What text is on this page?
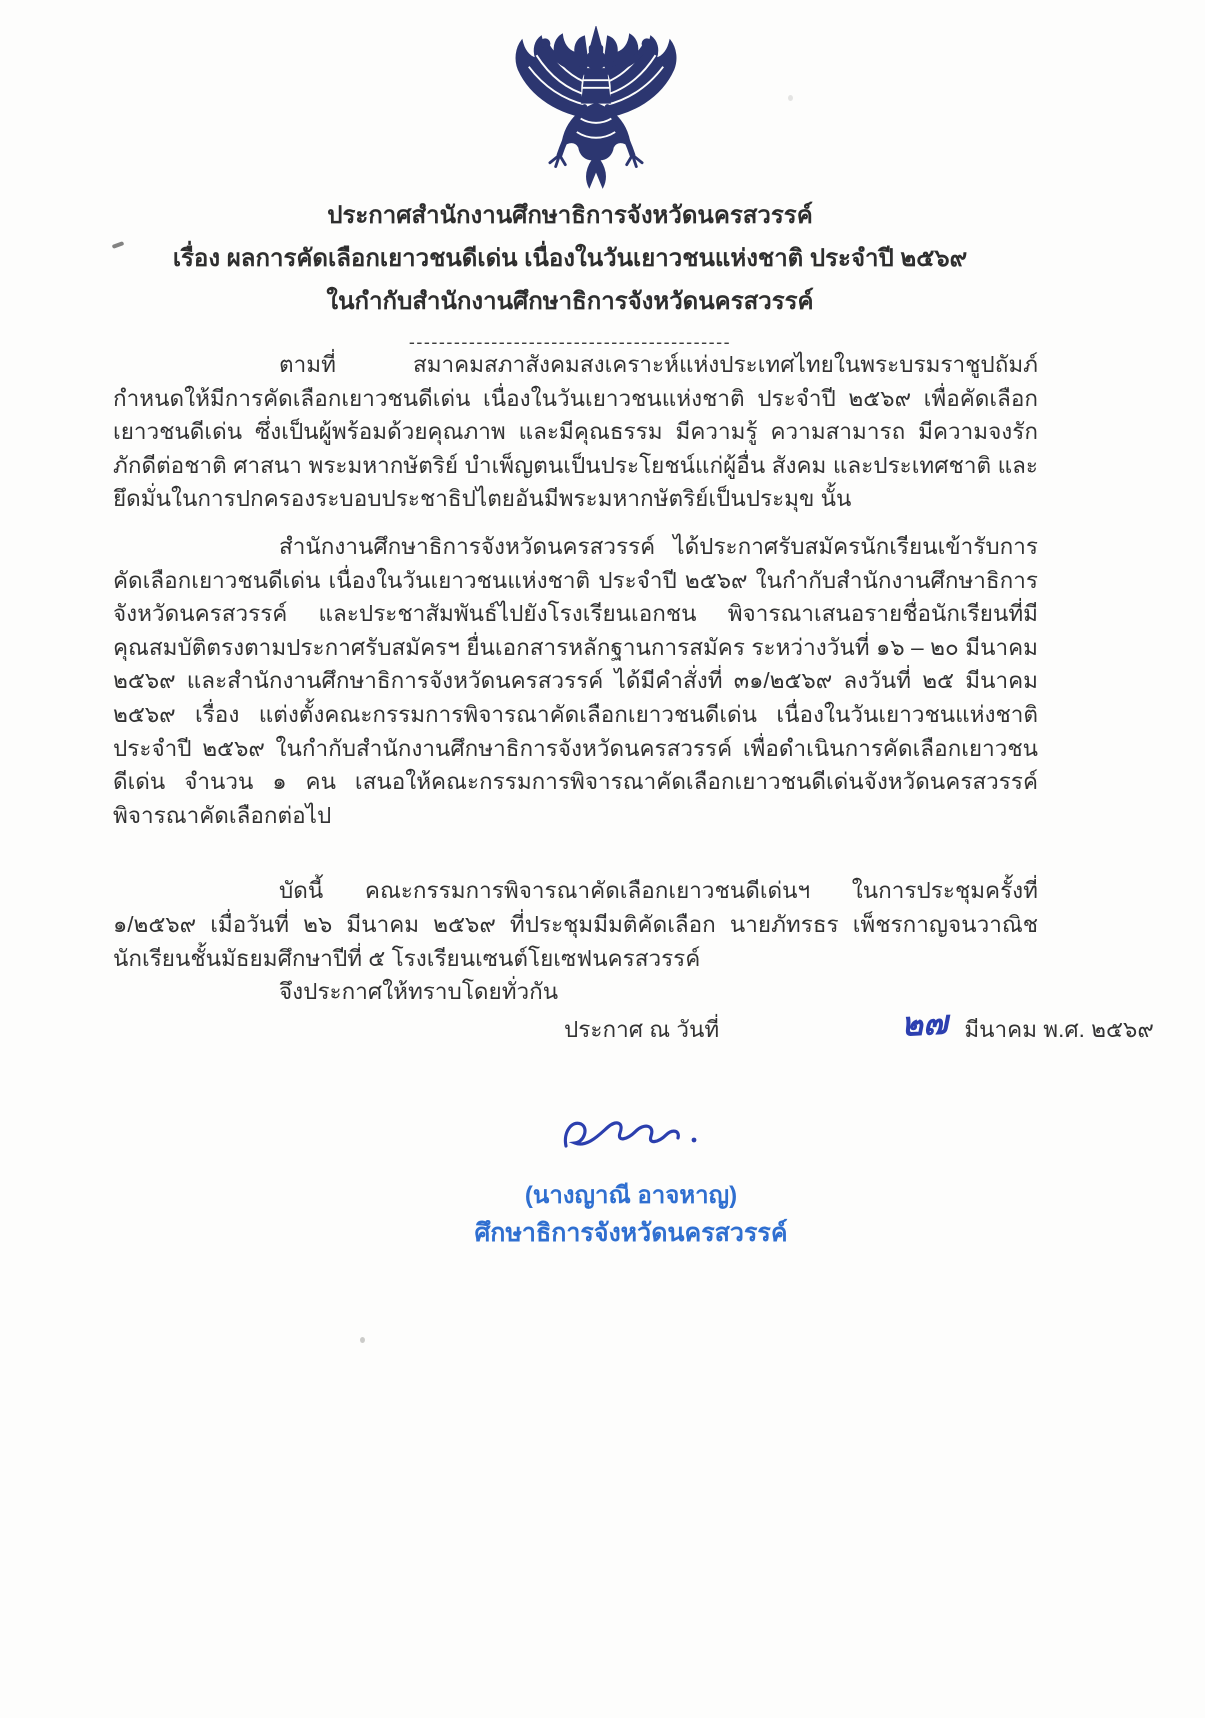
ประกาศสำนักงานศึกษาธิการจังหวัดนครสวรรค์
เรื่อง ผลการคัดเลือกเยาวชนดีเด่น เนื่องในวันเยาวชนแห่งชาติ ประจำปี ๒๕๖๙
ในกำกับสำนักงานศึกษาธิการจังหวัดนครสวรรค์
-------------------------------------------

ตามที่ สมาคมสภาสังคมสงเคราะห์แห่งประเทศไทยในพระบรมราชูปถัมภ์ กำหนดให้มีการคัดเลือกเยาวชนดีเด่น เนื่องในวันเยาวชนแห่งชาติ ประจำปี ๒๕๖๙ เพื่อคัดเลือกเยาวชนดีเด่น ซึ่งเป็นผู้พร้อมด้วยคุณภาพ และมีคุณธรรม มีความรู้ ความสามารถ มีความจงรักภักดีต่อชาติ ศาสนา พระมหากษัตริย์ บำเพ็ญตนเป็นประโยชน์แก่ผู้อื่น สังคม และประเทศชาติ และยึดมั่นในการปกครองระบอบประชาธิปไตยอันมีพระมหากษัตริย์เป็นประมุข นั้น

สำนักงานศึกษาธิการจังหวัดนครสวรรค์ ได้ประกาศรับสมัครนักเรียนเข้ารับการคัดเลือกเยาวชนดีเด่น เนื่องในวันเยาวชนแห่งชาติ ประจำปี ๒๕๖๙ ในกำกับสำนักงานศึกษาธิการจังหวัดนครสวรรค์ และประชาสัมพันธ์ไปยังโรงเรียนเอกชน พิจารณาเสนอรายชื่อนักเรียนที่มีคุณสมบัติตรงตามประกาศรับสมัครฯ ยื่นเอกสารหลักฐานการสมัคร ระหว่างวันที่ ๑๖ – ๒๐ มีนาคม ๒๕๖๙ และสำนักงานศึกษาธิการจังหวัดนครสวรรค์ ได้มีคำสั่งที่ ๓๑/๒๕๖๙ ลงวันที่ ๒๕ มีนาคม ๒๕๖๙ เรื่อง แต่งตั้งคณะกรรมการพิจารณาคัดเลือกเยาวชนดีเด่น เนื่องในวันเยาวชนแห่งชาติ ประจำปี ๒๕๖๙ ในกำกับสำนักงานศึกษาธิการจังหวัดนครสวรรค์ เพื่อดำเนินการคัดเลือกเยาวชนดีเด่น จำนวน ๑ คน เสนอให้คณะกรรมการพิจารณาคัดเลือกเยาวชนดีเด่นจังหวัดนครสวรรค์ พิจารณาคัดเลือกต่อไป

บัดนี้ คณะกรรมการพิจารณาคัดเลือกเยาวชนดีเด่นฯ ในการประชุมครั้งที่ ๑/๒๕๖๙ เมื่อวันที่ ๒๖ มีนาคม ๒๕๖๙ ที่ประชุมมีมติคัดเลือก นายภัทรธร เพ็ชรกาญจนวาณิช นักเรียนชั้นมัธยมศึกษาปีที่ ๕ โรงเรียนเซนต์โยเซฟนครสวรรค์

จึงประกาศให้ทราบโดยทั่วกัน

ประกาศ ณ วันที่	๒๗ มีนาคม พ.ศ. ๒๕๖๙

(นางญาณี อาจหาญ)
ศึกษาธิการจังหวัดนครสวรรค์
